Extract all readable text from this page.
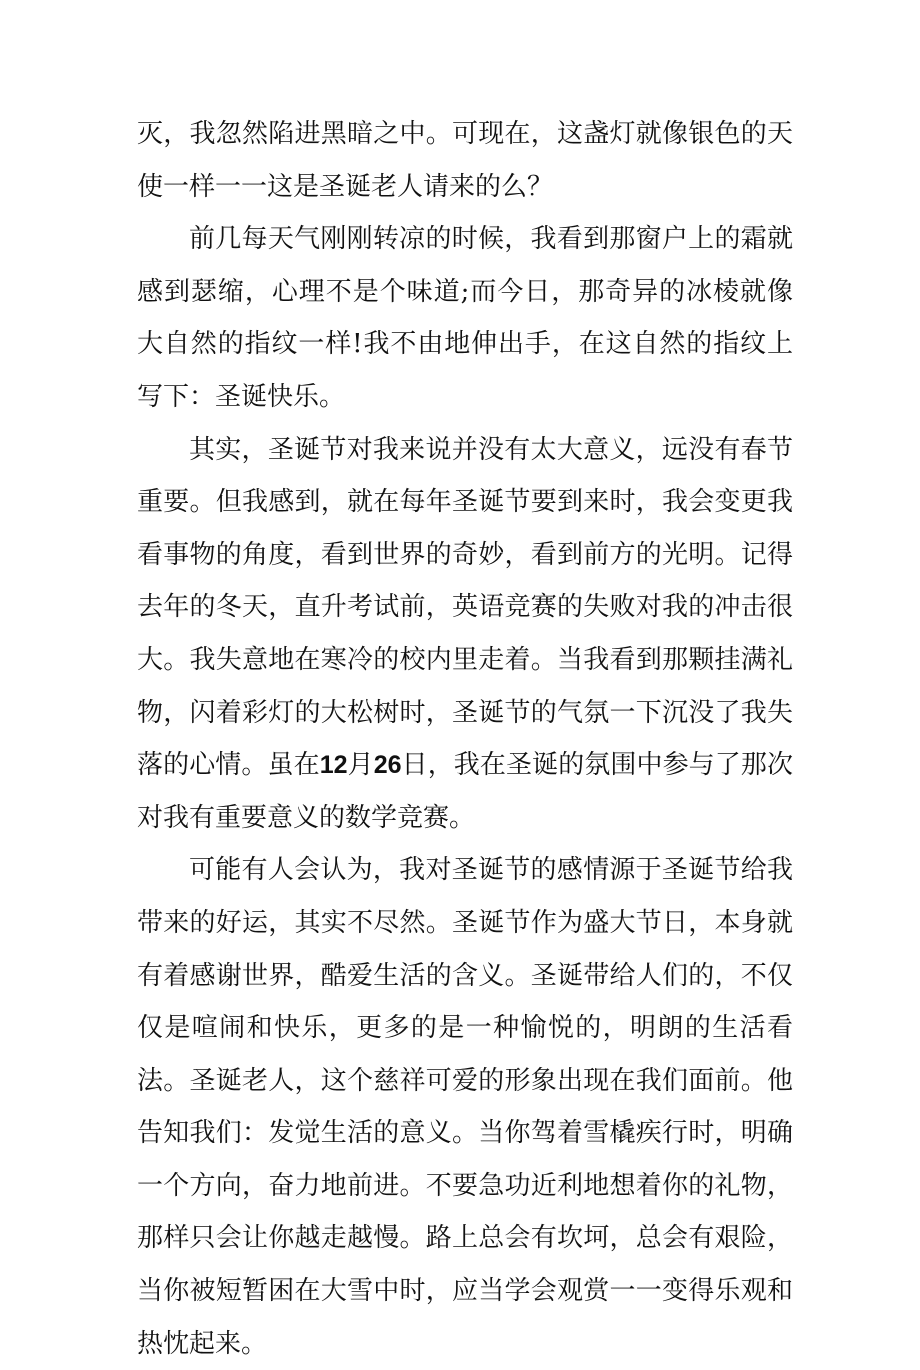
灭，我忽然陷进黑暗之中。可现在，这盏灯就像银色的天使一样一一这是圣诞老人请来的么？

前几每天气刚刚转凉的时候，我看到那窗户上的霜就感到瑟缩，心理不是个味道;而今日，那奇异的冰棱就像大自然的指纹一样!我不由地伸出手，在这自然的指纹上写下：圣诞快乐。

其实，圣诞节对我来说并没有太大意义，远没有春节重要。但我感到，就在每年圣诞节要到来时，我会变更我看事物的角度，看到世界的奇妙，看到前方的光明。记得去年的冬天，直升考试前，英语竞赛的失败对我的冲击很大。我失意地在寒冷的校内里走着。当我看到那颗挂满礼物，闪着彩灯的大松树时，圣诞节的气氛一下沉没了我失落的心情。虽在12月26日，我在圣诞的氛围中参与了那次对我有重要意义的数学竞赛。

可能有人会认为，我对圣诞节的感情源于圣诞节给我带来的好运，其实不尽然。圣诞节作为盛大节日，本身就有着感谢世界，酷爱生活的含义。圣诞带给人们的，不仅仅是喧闹和快乐，更多的是一种愉悦的，明朗的生活看法。圣诞老人，这个慈祥可爱的形象出现在我们面前。他告知我们：发觉生活的意义。当你驾着雪橇疾行时，明确一个方向，奋力地前进。不要急功近利地想着你的礼物，那样只会让你越走越慢。路上总会有坎坷，总会有艰险，当你被短暂困在大雪中时，应当学会观赏一一变得乐观和热忱起来。
